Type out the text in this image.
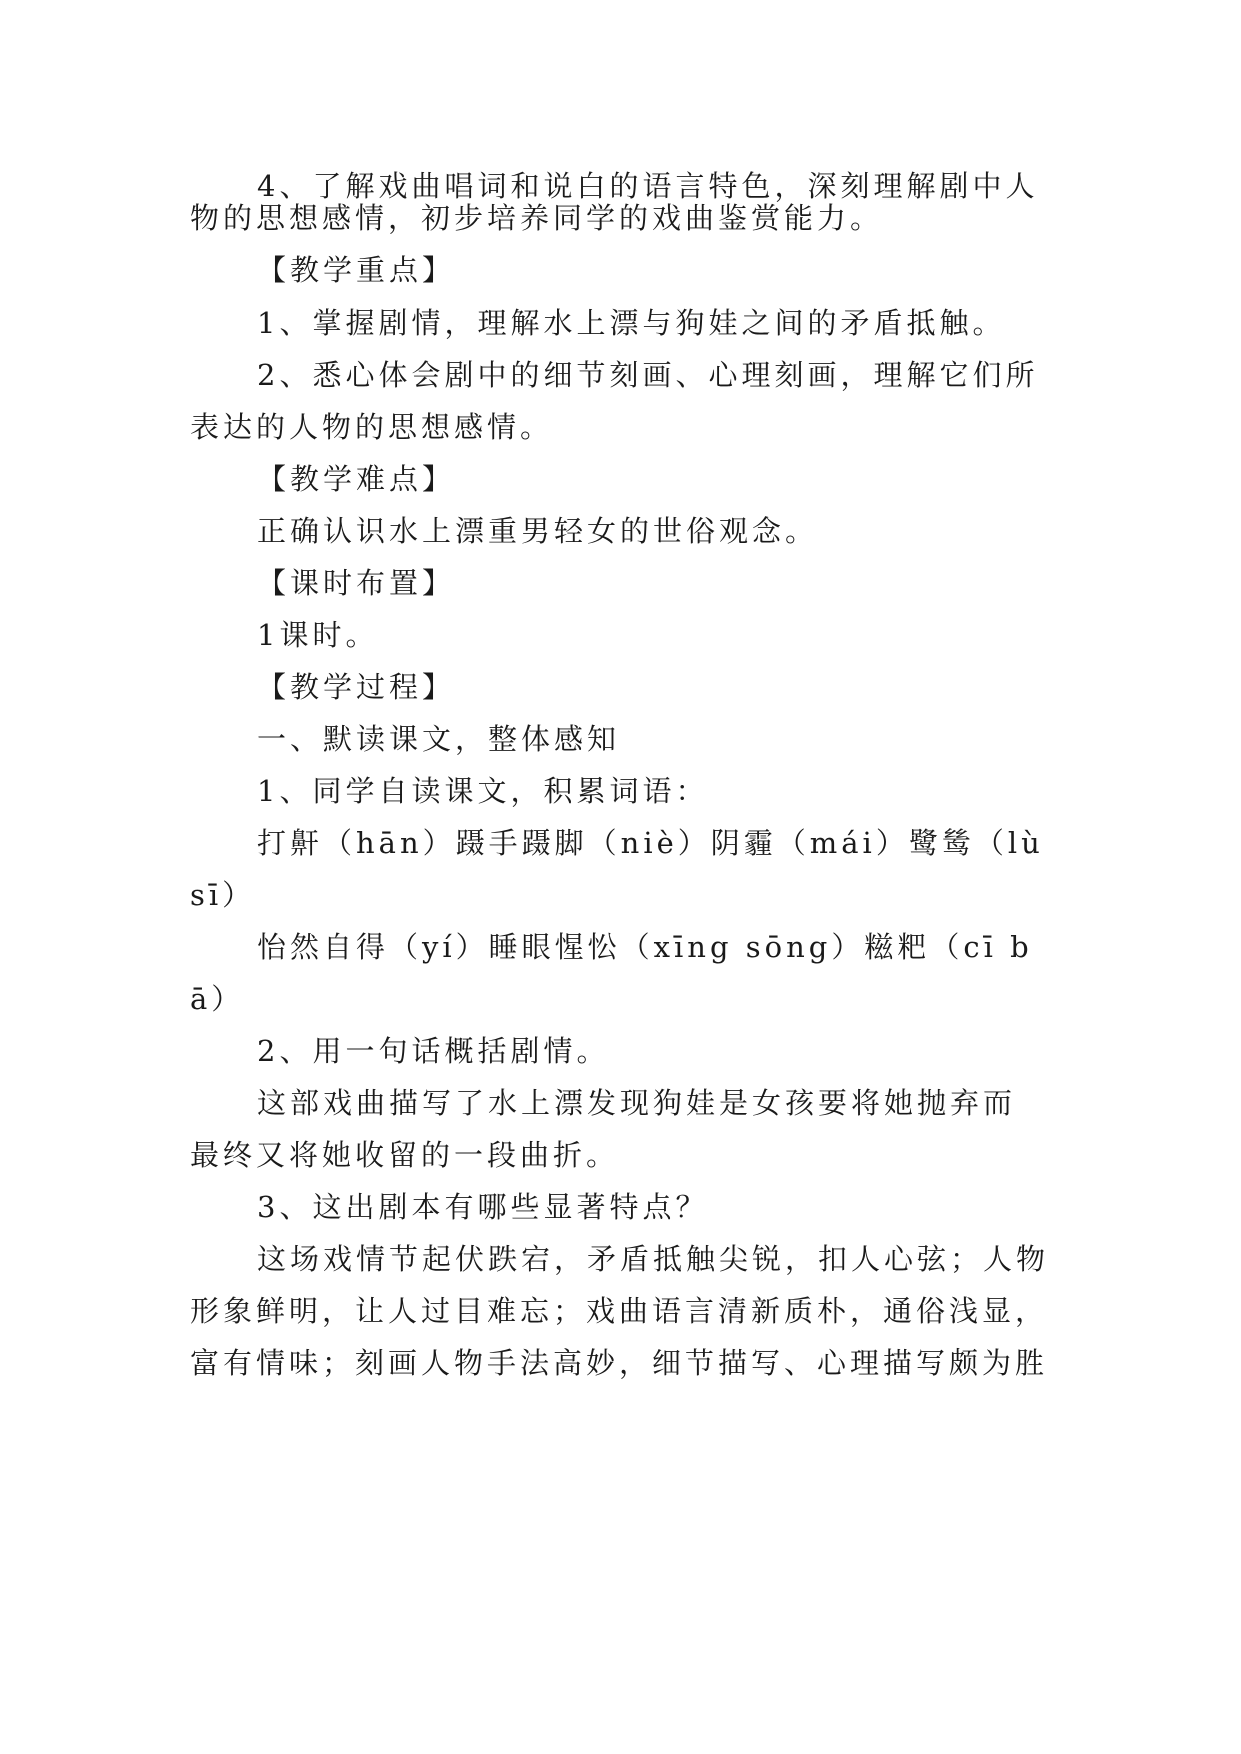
4、了解戏曲唱词和说白的语言特色，深刻理解剧中人
物的思想感情，初步培养同学的戏曲鉴赏能力。
【教学重点】
1、掌握剧情，理解水上漂与狗娃之间的矛盾抵触。
2、悉心体会剧中的细节刻画、心理刻画，理解它们所
表达的人物的思想感情。
【教学难点】
正确认识水上漂重男轻女的世俗观念。
【课时布置】
1课时。
【教学过程】
一、默读课文，整体感知
1、同学自读课文，积累词语：
打鼾（hān）蹑手蹑脚（niè）阴霾（mái）鹭鸶（lù
sī）
怡然自得（yí）睡眼惺忪（xīng sōng）糍粑（cī b
ā）
2、用一句话概括剧情。
这部戏曲描写了水上漂发现狗娃是女孩要将她抛弃而
最终又将她收留的一段曲折。
3、这出剧本有哪些显著特点？
这场戏情节起伏跌宕，矛盾抵触尖锐，扣人心弦；人物
形象鲜明，让人过目难忘；戏曲语言清新质朴，通俗浅显，
富有情味；刻画人物手法高妙，细节描写、心理描写颇为胜
